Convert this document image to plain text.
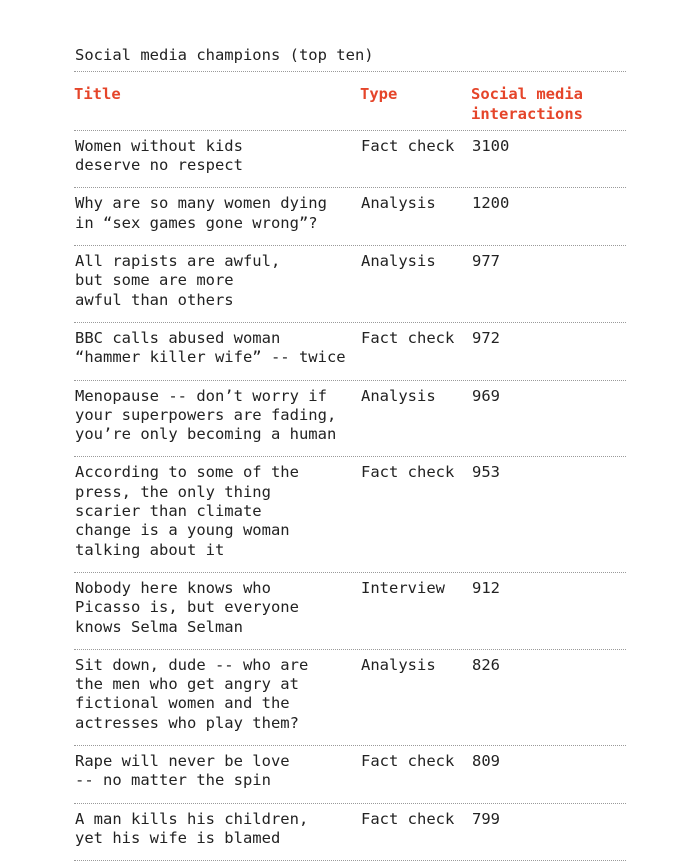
Social media champions (top ten)
Title	Type	Social media
interactions
Women without kids
deserve no respect
Fact check	3100
Why are so many women dying
in “sex games gone wrong”?
Analysis	1200
All rapists are awful,
but some are more
awful than others
Analysis	977
BBC calls abused woman
“hammer killer wife” -- twice
Fact check	972
Menopause -- don’t worry if
your superpowers are fading,
you’re only becoming a human
Analysis	969
According to some of the
press, the only thing
scarier than climate
change is a young woman
talking about it
Fact check	953
Nobody here knows who
Picasso is, but everyone
knows Selma Selman
Interview	912
Sit down, dude -- who are
the men who get angry at
fictional women and the
actresses who play them?
Analysis	826
Rape will never be love
-- no matter the spin
Fact check	809
A man kills his children,
yet his wife is blamed
Fact check	799
